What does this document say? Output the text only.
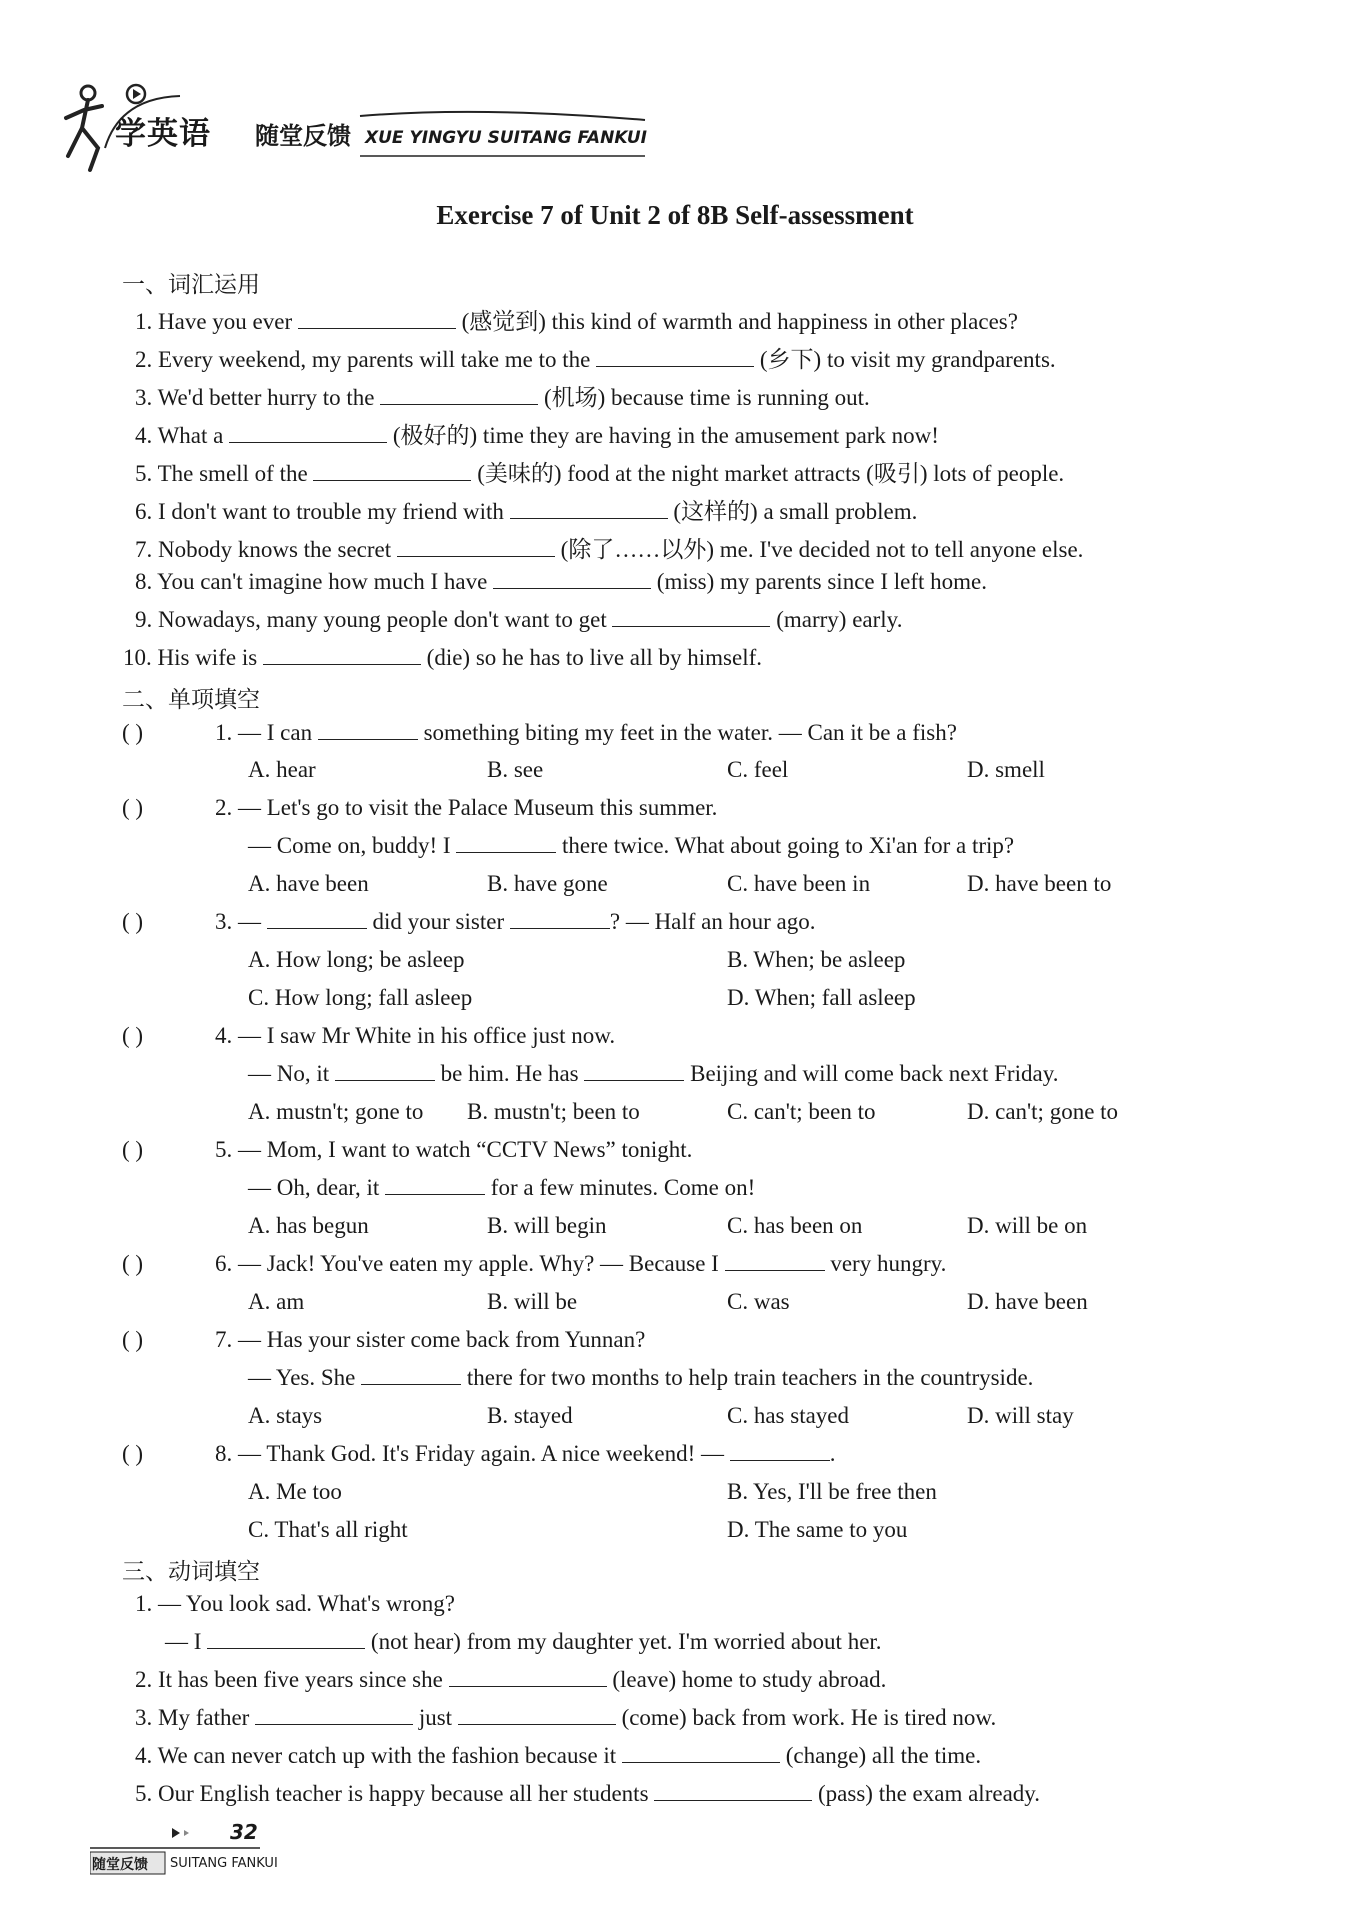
学英语 随堂反馈 XUE YINGYU SUITANG FANKUI
Exercise 7 of Unit 2 of 8B Self-assessment
一、词汇运用
1. Have you ever	(感觉到) this kind of warmth and happiness in other places?
2. Every weekend, my parents will take me to the	(乡下) to visit my grandparents.
3. We'd better hurry to the	(机场) because time is running out.
4. What a	(极好的) time they are having in the amusement park now!
5. The smell of the	(美味的) food at the night market attracts (吸引) lots of people.
6. I don't want to trouble my friend with	(这样的) a small problem.
7. Nobody knows the secret	(除了……以外) me. I've decided not to tell anyone else.
8. You can't imagine how much I have	(miss) my parents since I left home.
9. Nowadays, many young people don't want to get	(marry) early.
10. His wife is	(die) so he has to live all by himself.
二、单项填空
( )	1. — I can	something biting my feet in the water. — Can it be a fish?
A. hear	B. see	C. feel	D. smell
( )	2. — Let's go to visit the Palace Museum this summer.
— Come on, buddy! I	there twice. What about going to Xi'an for a trip?
A. have been	B. have gone	C. have been in	D. have been to
( )	3. —	did your sister	? — Half an hour ago.
A. How long; be asleep	B. When; be asleep
C. How long; fall asleep	D. When; fall asleep
( )	4. — I saw Mr White in his office just now.
— No, it	be him. He has	Beijing and will come back next Friday.
A. mustn't; gone to B. mustn't; been to	C. can't; been to	D. can't; gone to
( )	5. — Mom, I want to watch “CCTV News” tonight.
— Oh, dear, it	for a few minutes. Come on!
A. has begun	B. will begin	C. has been on	D. will be on
( )	6. — Jack! You've eaten my apple. Why? — Because I	very hungry.
A. am	B. will be	C. was	D. have been
( )	7. — Has your sister come back from Yunnan?
— Yes. She	there for two months to help train teachers in the countryside.
A. stays	B. stayed	C. has stayed	D. will stay
( )	8. — Thank God. It's Friday again. A nice weekend! —	.
A. Me too	B. Yes, I'll be free then
C. That's all right	D. The same to you
三、动词填空
1. — You look sad. What's wrong?
— I	(not hear) from my daughter yet. I'm worried about her.
2. It has been five years since she	(leave) home to study abroad.
3. My father	just	(come) back from work. He is tired now.
4. We can never catch up with the fashion because it	(change) all the time.
5. Our English teacher is happy because all her students	(pass) the exam already.
32
随堂反馈 SUITANG FANKUI
